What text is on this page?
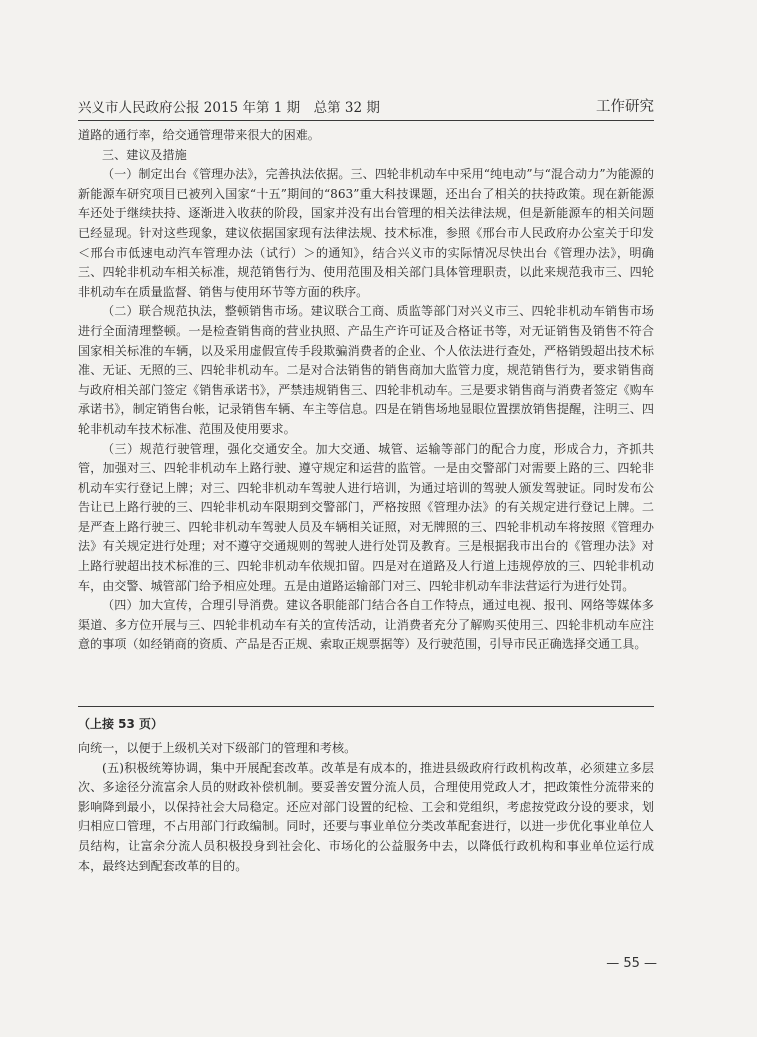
兴义市人民政府公报 2015 年第 1 期　总第 32 期	工作研究

道路的通行率，给交通管理带来很大的困难。

三、建议及措施

（一）制定出台《管理办法》，完善执法依据。三、四轮非机动车中采用“纯电动”与“混合动力”为能源的新能源车研究项目已被列入国家“十五”期间的“863”重大科技课题，还出台了相关的扶持政策。现在新能源车还处于继续扶持、逐渐进入收获的阶段，国家并没有出台管理的相关法律法规，但是新能源车的相关问题已经显现。针对这些现象，建议依据国家现有法律法规、技术标准，参照《邢台市人民政府办公室关于印发＜邢台市低速电动汽车管理办法（试行）＞的通知》，结合兴义市的实际情况尽快出台《管理办法》，明确三、四轮非机动车相关标准，规范销售行为、使用范围及相关部门具体管理职责，以此来规范我市三、四轮非机动车在质量监督、销售与使用环节等方面的秩序。

（二）联合规范执法，整顿销售市场。建议联合工商、质监等部门对兴义市三、四轮非机动车销售市场进行全面清理整顿。一是检查销售商的营业执照、产品生产许可证及合格证书等，对无证销售及销售不符合国家相关标准的车辆，以及采用虚假宣传手段欺骗消费者的企业、个人依法进行查处，严格销毁超出技术标准、无证、无照的三、四轮非机动车。二是对合法销售的销售商加大监管力度，规范销售行为，要求销售商与政府相关部门签定《销售承诺书》，严禁违规销售三、四轮非机动车。三是要求销售商与消费者签定《购车承诺书》，制定销售台帐，记录销售车辆、车主等信息。四是在销售场地显眼位置摆放销售提醒，注明三、四轮非机动车技术标准、范围及使用要求。

（三）规范行驶管理，强化交通安全。加大交通、城管、运输等部门的配合力度，形成合力，齐抓共管，加强对三、四轮非机动车上路行驶、遵守规定和运营的监管。一是由交警部门对需要上路的三、四轮非机动车实行登记上牌；对三、四轮非机动车驾驶人进行培训，为通过培训的驾驶人颁发驾驶证。同时发布公告让已上路行驶的三、四轮非机动车限期到交警部门，严格按照《管理办法》的有关规定进行登记上牌。二是严查上路行驶三、四轮非机动车驾驶人员及车辆相关证照，对无牌照的三、四轮非机动车将按照《管理办法》有关规定进行处理；对不遵守交通规则的驾驶人进行处罚及教育。三是根据我市出台的《管理办法》对上路行驶超出技术标准的三、四轮非机动车依规扣留。四是对在道路及人行道上违规停放的三、四轮非机动车，由交警、城管部门给予相应处理。五是由道路运输部门对三、四轮非机动车非法营运行为进行处罚。

（四）加大宣传，合理引导消费。建议各职能部门结合各自工作特点，通过电视、报刊、网络等媒体多渠道、多方位开展与三、四轮非机动车有关的宣传活动，让消费者充分了解购买使用三、四轮非机动车应注意的事项（如经销商的资质、产品是否正规、索取正规票据等）及行驶范围，引导市民正确选择交通工具。

（上接 53 页）

向统一，以便于上级机关对下级部门的管理和考核。

(五)积极统筹协调，集中开展配套改革。改革是有成本的，推进县级政府行政机构改革，必须建立多层次、多途径分流富余人员的财政补偿机制。要妥善安置分流人员，合理使用党政人才，把政策性分流带来的影响降到最小，以保持社会大局稳定。还应对部门设置的纪检、工会和党组织，考虑按党政分设的要求，划归相应口管理，不占用部门行政编制。同时，还要与事业单位分类改革配套进行，以进一步优化事业单位人员结构，让富余分流人员积极投身到社会化、市场化的公益服务中去，以降低行政机构和事业单位运行成本，最终达到配套改革的目的。

— 55 —
